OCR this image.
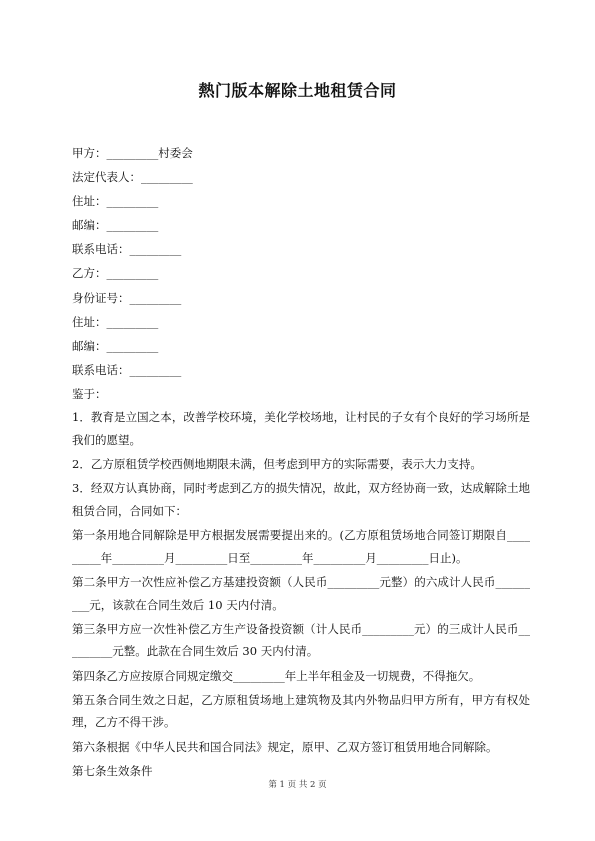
熱门版本解除土地租赁合同
甲方：_________村委会
法定代表人：_________
住址：_________
邮编：_________
联系电话：_________
乙方：_________
身份证号：_________
住址：_________
邮编：_________
联系电话：_________
鉴于：

1．教育是立国之本，改善学校环境，美化学校场地，让村民的子女有个良好的学习场所是我们的愿望。

2．乙方原租赁学校西侧地期限未满，但考虑到甲方的实际需要，表示大力支持。

3．经双方认真协商，同时考虑到乙方的损失情况，故此，双方经协商一致，达成解除土地租赁合同，合同如下：

第一条用地合同解除是甲方根据发展需要提出来的。(乙方原租赁场地合同签订期限自_________年_________月_________日至_________年_________月_________日止)。

第二条甲方一次性应补偿乙方基建投资额（人民币_________元整）的六成计人民币_________元，该款在合同生效后 10 天内付清。

第三条甲方应一次性补偿乙方生产设备投资额（计人民币_________元）的三成计人民币_________元整。此款在合同生效后 30 天内付清。

第四条乙方应按原合同规定缴交_________年上半年租金及一切规费，不得拖欠。

第五条合同生效之日起，乙方原租赁场地上建筑物及其内外物品归甲方所有，甲方有权处理，乙方不得干涉。

第六条根据《中华人民共和国合同法》规定，原甲、乙双方签订租赁用地合同解除。

第七条生效条件

第 1 页 共 2 页
